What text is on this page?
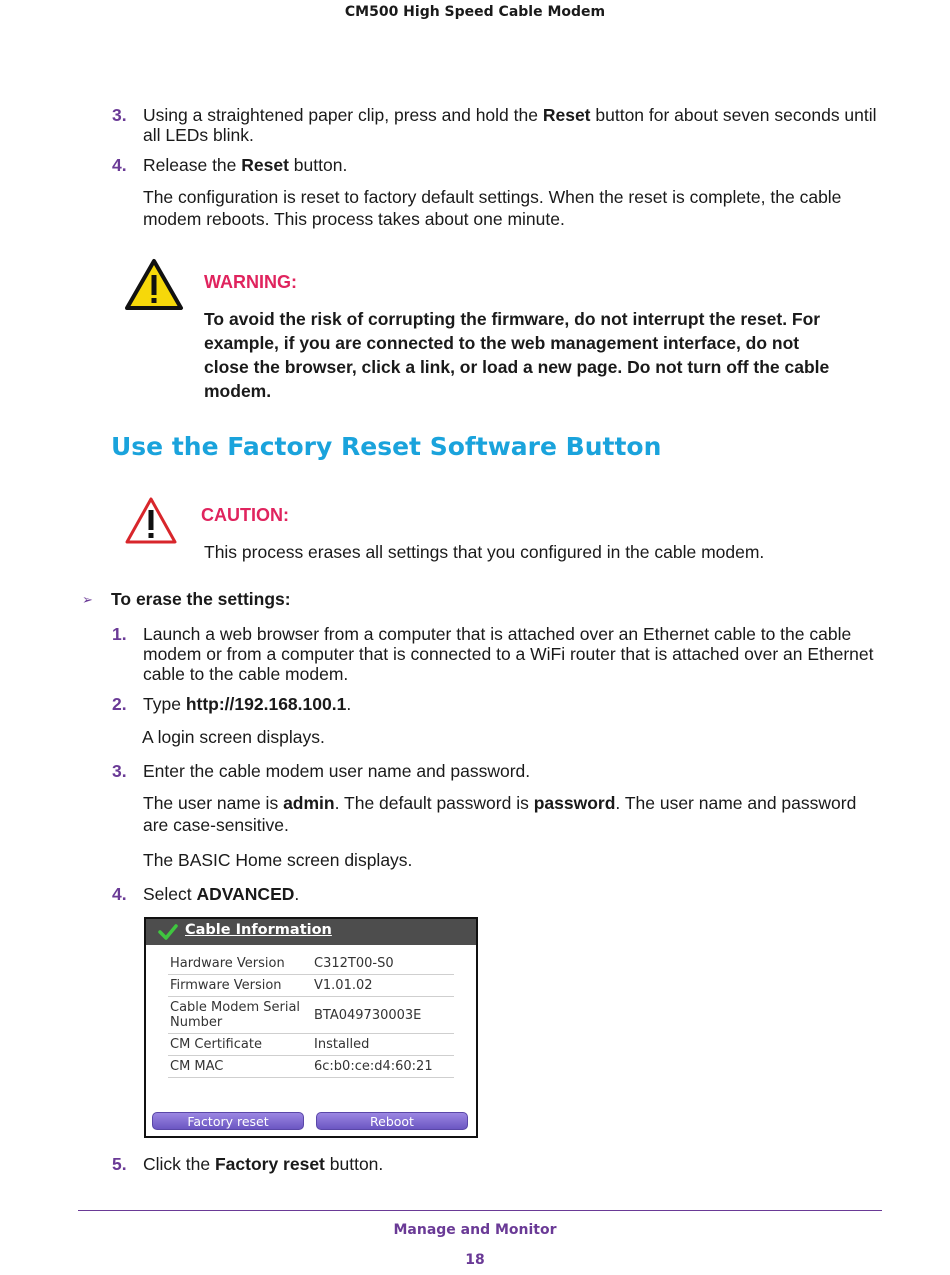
CM500 High Speed Cable Modem
3. Using a straightened paper clip, press and hold the Reset button for about seven seconds until all LEDs blink.
4. Release the Reset button.
The configuration is reset to factory default settings. When the reset is complete, the cable modem reboots. This process takes about one minute.
WARNING:
To avoid the risk of corrupting the firmware, do not interrupt the reset. For example, if you are connected to the web management interface, do not close the browser, click a link, or load a new page. Do not turn off the cable modem.
Use the Factory Reset Software Button
CAUTION:
This process erases all settings that you configured in the cable modem.
➢ To erase the settings:
1. Launch a web browser from a computer that is attached over an Ethernet cable to the cable modem or from a computer that is connected to a WiFi router that is attached over an Ethernet cable to the cable modem.
2. Type http://192.168.100.1.
A login screen displays.
3. Enter the cable modem user name and password.
The user name is admin. The default password is password. The user name and password are case-sensitive.
The BASIC Home screen displays.
4. Select ADVANCED.
Cable Information
Hardware Version	C312T00-S0
Firmware Version	V1.01.02
Cable Modem Serial Number	BTA049730003E
CM Certificate	Installed
CM MAC	6c:b0:ce:d4:60:21
Factory reset	Reboot
5. Click the Factory reset button.
Manage and Monitor
18
